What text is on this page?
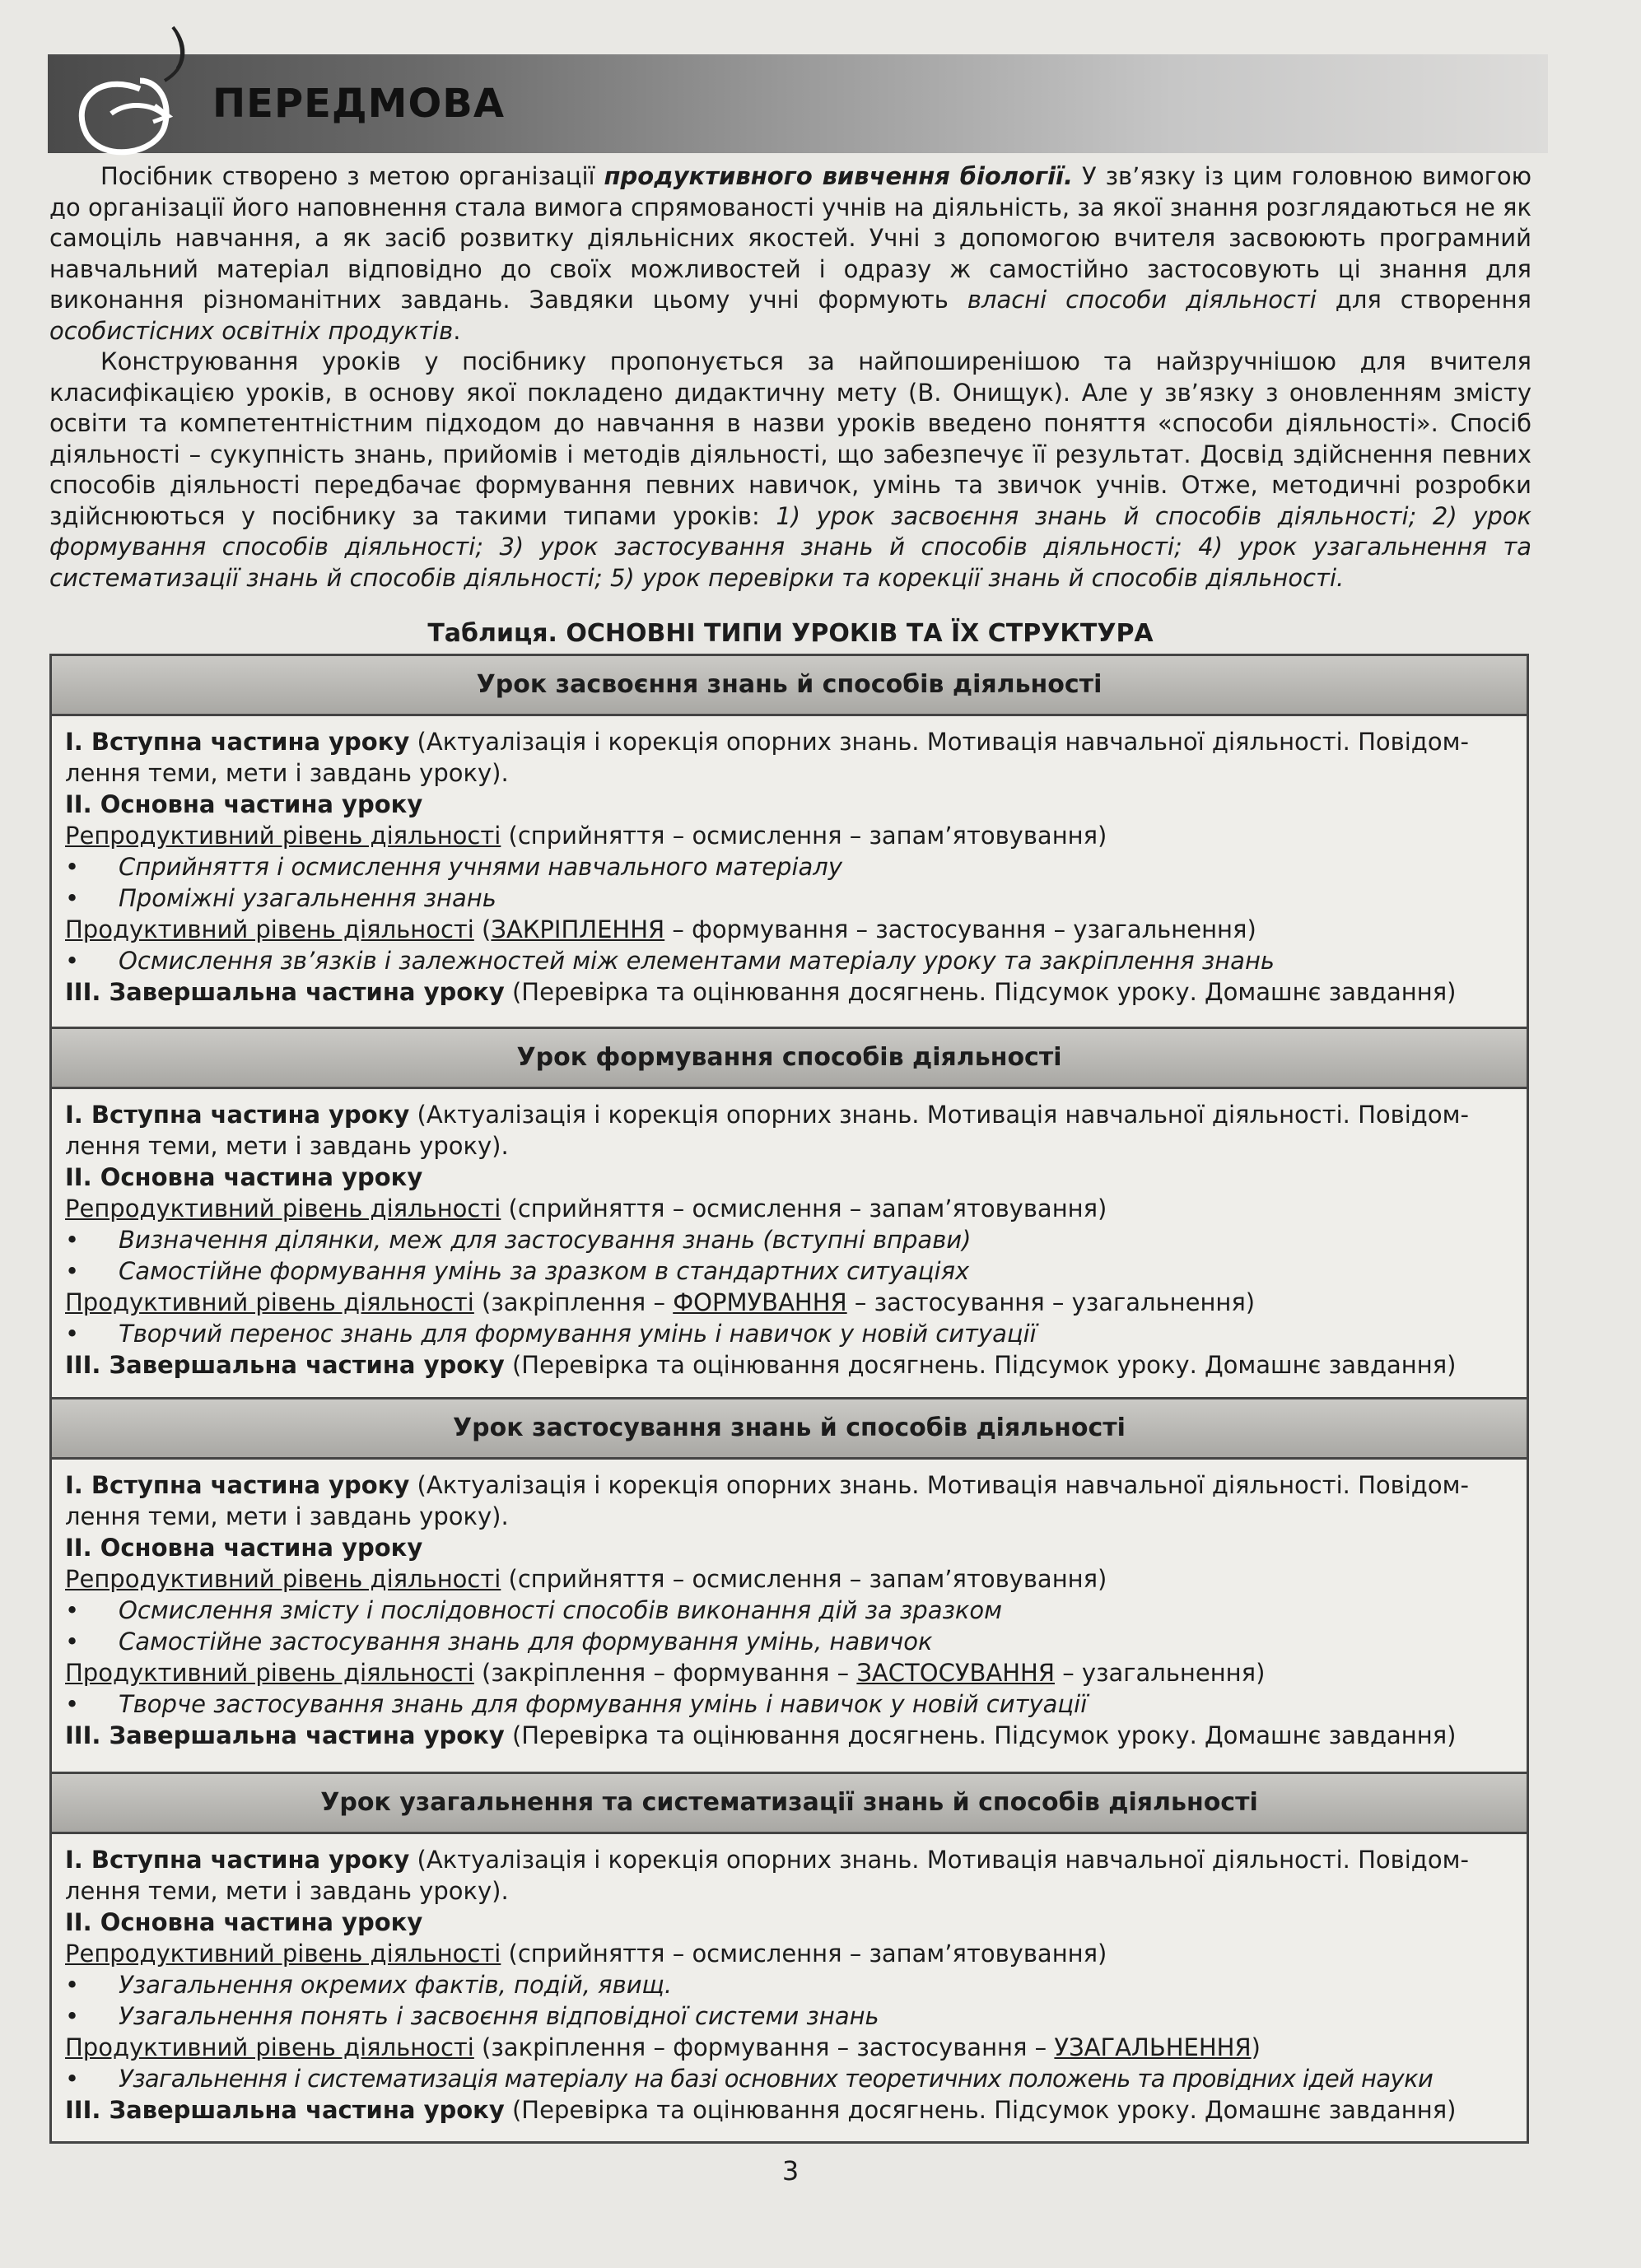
ПЕРЕДМОВА

Посібник створено з метою організації продуктивного вивчення біології. У зв’язку із цим головною вимогою до організації його наповнення стала вимога спрямованості учнів на діяльність, за якої знання розглядаються не як самоціль навчання, а як засіб розвитку діяльнісних якостей. Учні з допомогою вчителя засвоюють програмний навчальний матеріал відповідно до своїх можливостей і одразу ж самостійно застосовують ці знання для виконання різноманітних завдань. Завдяки цьому учні формують власні способи діяльності для створення особистісних освітніх продуктів.

Конструювання уроків у посібнику пропонується за найпоширенішою та найзручнішою для вчителя класифікацією уроків, в основу якої покладено дидактичну мету (В. Онищук). Але у зв’язку з оновленням змісту освіти та компетентністним підходом до навчання в назви уроків введено поняття «способи діяльності». Спосіб діяльності – сукупність знань, прийомів і методів діяльності, що забезпечує її результат. Досвід здійснення певних способів діяльності передбачає формування певних навичок, умінь та звичок учнів. Отже, методичні розробки здійснюються у посібнику за такими типами уроків: 1) урок засвоєння знань й способів діяльності; 2) урок формування способів діяльності; 3) урок застосування знань й способів діяльності; 4) урок узагальнення та систематизації знань й способів діяльності; 5) урок перевірки та корекції знань й способів діяльності.

Таблиця. ОСНОВНІ ТИПИ УРОКІВ ТА ЇХ СТРУКТУРА
Урок засвоєння знань й способів діяльності
I. Вступна частина уроку (Актуалізація і корекція опорних знань. Мотивація навчальної діяльності. Повідом-
лення теми, мети і завдань уроку).
II. Основна частина уроку
Репродуктивний рівень діяльності (сприйняття – осмислення – запам’ятовування)
• Сприйняття і осмислення учнями навчального матеріалу
• Проміжні узагальнення знань
Продуктивний рівень діяльності (ЗАКРІПЛЕННЯ – формування – застосування – узагальнення)
• Осмислення зв’язків і залежностей між елементами матеріалу уроку та закріплення знань
III. Завершальна частина уроку (Перевірка та оцінювання досягнень. Підсумок уроку. Домашнє завдання)
Урок формування способів діяльності
I. Вступна частина уроку (Актуалізація і корекція опорних знань. Мотивація навчальної діяльності. Повідом-
лення теми, мети і завдань уроку).
II. Основна частина уроку
Репродуктивний рівень діяльності (сприйняття – осмислення – запам’ятовування)
• Визначення ділянки, меж для застосування знань (вступні вправи)
• Самостійне формування умінь за зразком в стандартних ситуаціях
Продуктивний рівень діяльності (закріплення – ФОРМУВАННЯ – застосування – узагальнення)
• Творчий перенос знань для формування умінь і навичок у новій ситуації
III. Завершальна частина уроку (Перевірка та оцінювання досягнень. Підсумок уроку. Домашнє завдання)
Урок застосування знань й способів діяльності
I. Вступна частина уроку (Актуалізація і корекція опорних знань. Мотивація навчальної діяльності. Повідом-
лення теми, мети і завдань уроку).
II. Основна частина уроку
Репродуктивний рівень діяльності (сприйняття – осмислення – запам’ятовування)
• Осмислення змісту і послідовності способів виконання дій за зразком
• Самостійне застосування знань для формування умінь, навичок
Продуктивний рівень діяльності (закріплення – формування – ЗАСТОСУВАННЯ – узагальнення)
• Творче застосування знань для формування умінь і навичок у новій ситуації
III. Завершальна частина уроку (Перевірка та оцінювання досягнень. Підсумок уроку. Домашнє завдання)
Урок узагальнення та систематизації знань й способів діяльності
I. Вступна частина уроку (Актуалізація і корекція опорних знань. Мотивація навчальної діяльності. Повідом-
лення теми, мети і завдань уроку).
II. Основна частина уроку
Репродуктивний рівень діяльності (сприйняття – осмислення – запам’ятовування)
• Узагальнення окремих фактів, подій, явищ.
• Узагальнення понять і засвоєння відповідної системи знань
Продуктивний рівень діяльності (закріплення – формування – застосування – УЗАГАЛЬНЕННЯ)
• Узагальнення і систематизація матеріалу на базі основних теоретичних положень та провідних ідей науки
III. Завершальна частина уроку (Перевірка та оцінювання досягнень. Підсумок уроку. Домашнє завдання)
3
